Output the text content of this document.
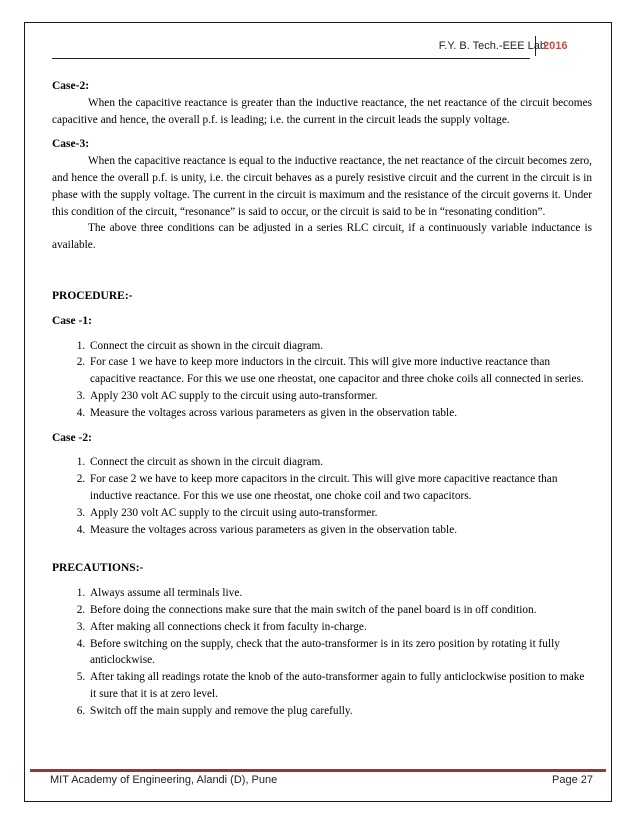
F.Y. B. Tech.-EEE Lab
2016
Case-2:

When the capacitive reactance is greater than the inductive reactance, the net reactance of the circuit becomes capacitive and hence, the overall p.f. is leading; i.e. the current in the circuit leads the supply voltage.

Case-3:

When the capacitive reactance is equal to the inductive reactance, the net reactance of the circuit becomes zero, and hence the overall p.f. is unity, i.e. the circuit behaves as a purely resistive circuit and the current in the circuit is in phase with the supply voltage. The current in the circuit is maximum and the resistance of the circuit governs it. Under this condition of the circuit, “resonance” is said to occur, or the circuit is said to be in “resonating condition”.

The above three conditions can be adjusted in a series RLC circuit, if a continuously variable inductance is available.

PROCEDURE:-
Case -1:
1. Connect the circuit as shown in the circuit diagram.
2. For case 1 we have to keep more inductors in the circuit. This will give more inductive reactance than capacitive reactance. For this we use one rheostat, one capacitor and three choke coils all connected in series.
3. Apply 230 volt AC supply to the circuit using auto-transformer.
4. Measure the voltages across various parameters as given in the observation table.
Case -2:
1. Connect the circuit as shown in the circuit diagram.
2. For case 2 we have to keep more capacitors in the circuit. This will give more capacitive reactance than inductive reactance. For this we use one rheostat, one choke coil and two capacitors.
3. Apply 230 volt AC supply to the circuit using auto-transformer.
4. Measure the voltages across various parameters as given in the observation table.
PRECAUTIONS:-
1. Always assume all terminals live.
2. Before doing the connections make sure that the main switch of the panel board is in off condition.
3. After making all connections check it from faculty in-charge.
4. Before switching on the supply, check that the auto-transformer is in its zero position by rotating it fully anticlockwise.
5. After taking all readings rotate the knob of the auto-transformer again to fully anticlockwise position to make it sure that it is at zero level.
6. Switch off the main supply and remove the plug carefully.
MIT Academy of Engineering, Alandi (D), Pune	Page 27
